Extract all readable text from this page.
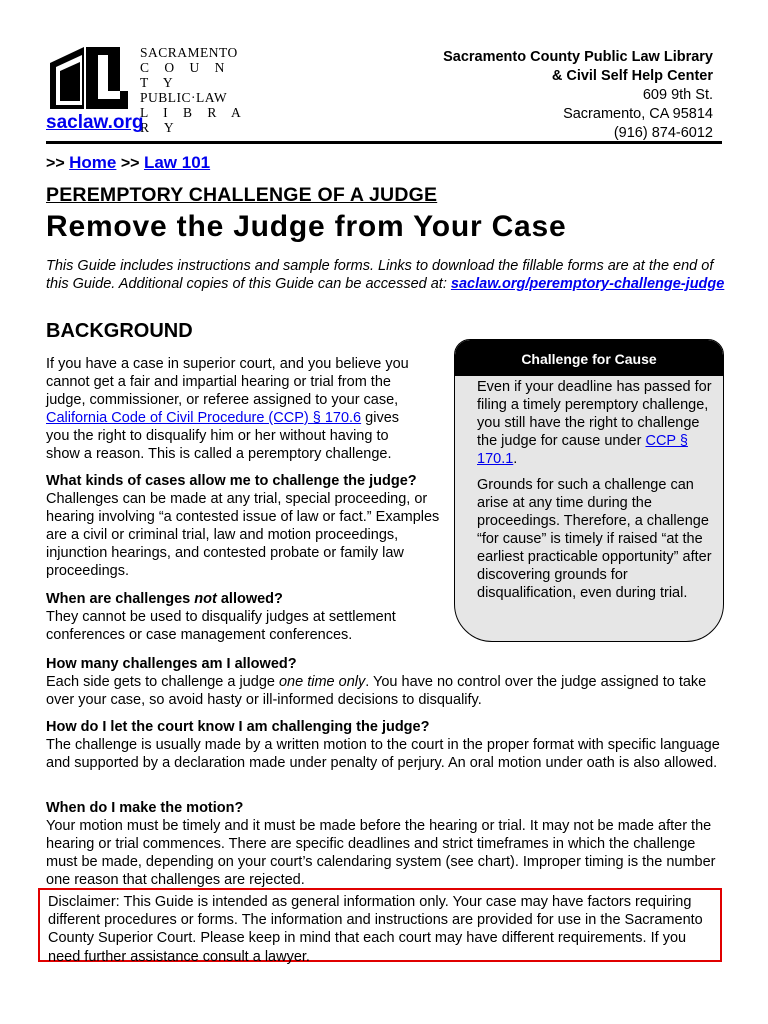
SACRAMENTO
C O U N T Y
PUBLIC·LAW
L I B R A R Y
saclaw.org
Sacramento County Public Law Library
& Civil Self Help Center
609 9th St.
Sacramento, CA 95814
(916) 874-6012
>> Home >> Law 101
PEREMPTORY CHALLENGE OF A JUDGE
Remove the Judge from Your Case
This Guide includes instructions and sample forms. Links to download the fillable forms are at the end of this Guide. Additional copies of this Guide can be accessed at: saclaw.org/peremptory-challenge-judge
BACKGROUND
If you have a case in superior court, and you believe you cannot get a fair and impartial hearing or trial from the judge, commissioner, or referee assigned to your case, California Code of Civil Procedure (CCP) § 170.6 gives you the right to disqualify him or her without having to show a reason. This is called a peremptory challenge.
What kinds of cases allow me to challenge the judge?
Challenges can be made at any trial, special proceeding, or hearing involving “a contested issue of law or fact.” Examples are a civil or criminal trial, law and motion proceedings, injunction hearings, and contested probate or family law proceedings.
When are challenges not allowed?
They cannot be used to disqualify judges at settlement conferences or case management conferences.
How many challenges am I allowed?
Each side gets to challenge a judge one time only. You have no control over the judge assigned to take over your case, so avoid hasty or ill-informed decisions to disqualify.
How do I let the court know I am challenging the judge?
The challenge is usually made by a written motion to the court in the proper format with specific language and supported by a declaration made under penalty of perjury. An oral motion under oath is also allowed.
When do I make the motion?
Your motion must be timely and it must be made before the hearing or trial. It may not be made after the hearing or trial commences. There are specific deadlines and strict timeframes in which the challenge must be made, depending on your court’s calendaring system (see chart). Improper timing is the number one reason that challenges are rejected.
Challenge for Cause

Even if your deadline has passed for filing a timely peremptory challenge, you still have the right to challenge the judge for cause under CCP § 170.1.

Grounds for such a challenge can arise at any time during the proceedings. Therefore, a challenge “for cause” is timely if raised “at the earliest practicable opportunity” after discovering grounds for disqualification, even during trial.

Disclaimer: This Guide is intended as general information only. Your case may have factors requiring different procedures or forms. The information and instructions are provided for use in the Sacramento County Superior Court. Please keep in mind that each court may have different requirements. If you need further assistance consult a lawyer.
